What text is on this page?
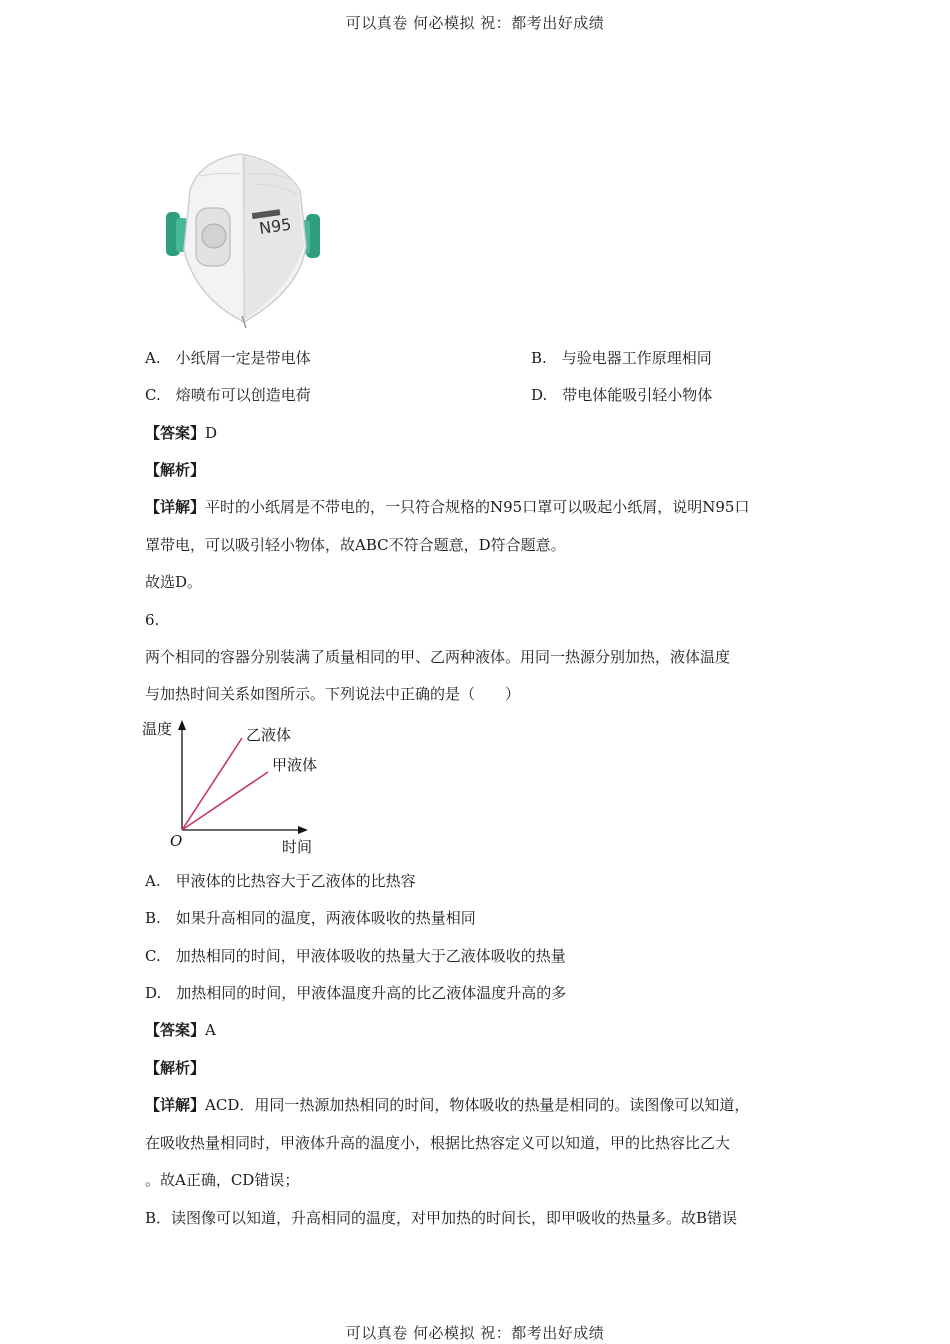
可以真卷 何必模拟 祝：都考出好成绩
N95
A.　小纸屑一定是带电体	B.　与验电器工作原理相同
C.　熔喷布可以创造电荷	D.　带电体能吸引轻小物体
【答案】D
【解析】
【详解】平时的小纸屑是不带电的，一只符合规格的N95口罩可以吸起小纸屑，说明N95口
罩带电，可以吸引轻小物体，故ABC不符合题意，D符合题意。
故选D。
6.
两个相同的容器分别装满了质量相同的甲、乙两种液体。用同一热源分别加热，液体温度
与加热时间关系如图所示。下列说法中正确的是（　　）
温度
时间
O
乙液体
甲液体
A.　甲液体的比热容大于乙液体的比热容
B.　如果升高相同的温度，两液体吸收的热量相同
C.　加热相同的时间，甲液体吸收的热量大于乙液体吸收的热量
D.　加热相同的时间，甲液体温度升高的比乙液体温度升高的多
【答案】A
【解析】
【详解】ACD．用同一热源加热相同的时间，物体吸收的热量是相同的。读图像可以知道，
在吸收热量相同时，甲液体升高的温度小，根据比热容定义可以知道，甲的比热容比乙大
。故A正确，CD错误；
B．读图像可以知道，升高相同的温度，对甲加热的时间长，即甲吸收的热量多。故B错误
可以真卷 何必模拟 祝：都考出好成绩
